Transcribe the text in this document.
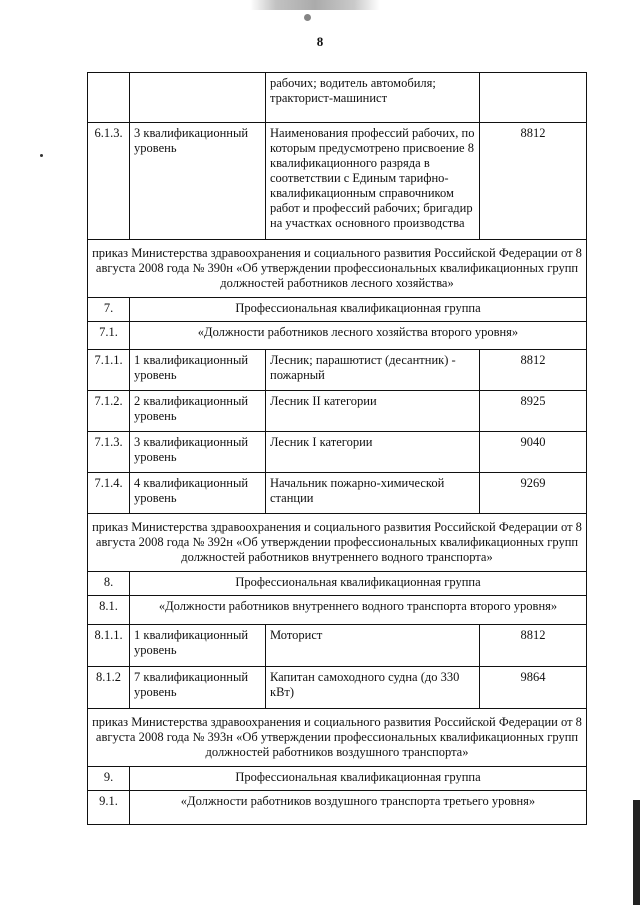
8
		рабочих; водитель автомобиля; тракторист-машинист	
6.1.3.	3 квалификационный уровень	Наименования профессий рабочих, по которым предусмотрено присвоение 8 квалификационного разряда в соответствии с Единым тарифно-квалификационным справочником работ и профессий рабочих; бригадир на участках основного производства	8812
приказ Министерства здравоохранения и социального развития Российской Федерации от 8 августа 2008 года № 390н «Об утверждении профессиональных квалификационных групп должностей работников лесного хозяйства»			
7.	Профессиональная квалификационная группа		
7.1.	«Должности работников лесного хозяйства второго уровня»		
7.1.1.	1 квалификационный уровень	Лесник; парашютист (десантник) - пожарный	8812
7.1.2.	2 квалификационный уровень	Лесник II категории	8925
7.1.3.	3 квалификационный уровень	Лесник I категории	9040
7.1.4.	4 квалификационный уровень	Начальник пожарно-химической станции	9269
приказ Министерства здравоохранения и социального развития Российской Федерации от 8 августа 2008 года № 392н «Об утверждении профессиональных квалификационных групп должностей работников внутреннего водного транспорта»			
8.	Профессиональная квалификационная группа		
8.1.	«Должности работников внутреннего водного транспорта второго уровня»		
8.1.1.	1 квалификационный уровень	Моторист	8812
8.1.2	7 квалификационный уровень	Капитан самоходного судна (до 330 кВт)	9864
приказ Министерства здравоохранения и социального развития Российской Федерации от 8 августа 2008 года № 393н «Об утверждении профессиональных квалификационных групп должностей работников воздушного транспорта»			
9.	Профессиональная квалификационная группа		
9.1.	«Должности работников воздушного транспорта третьего уровня»		
